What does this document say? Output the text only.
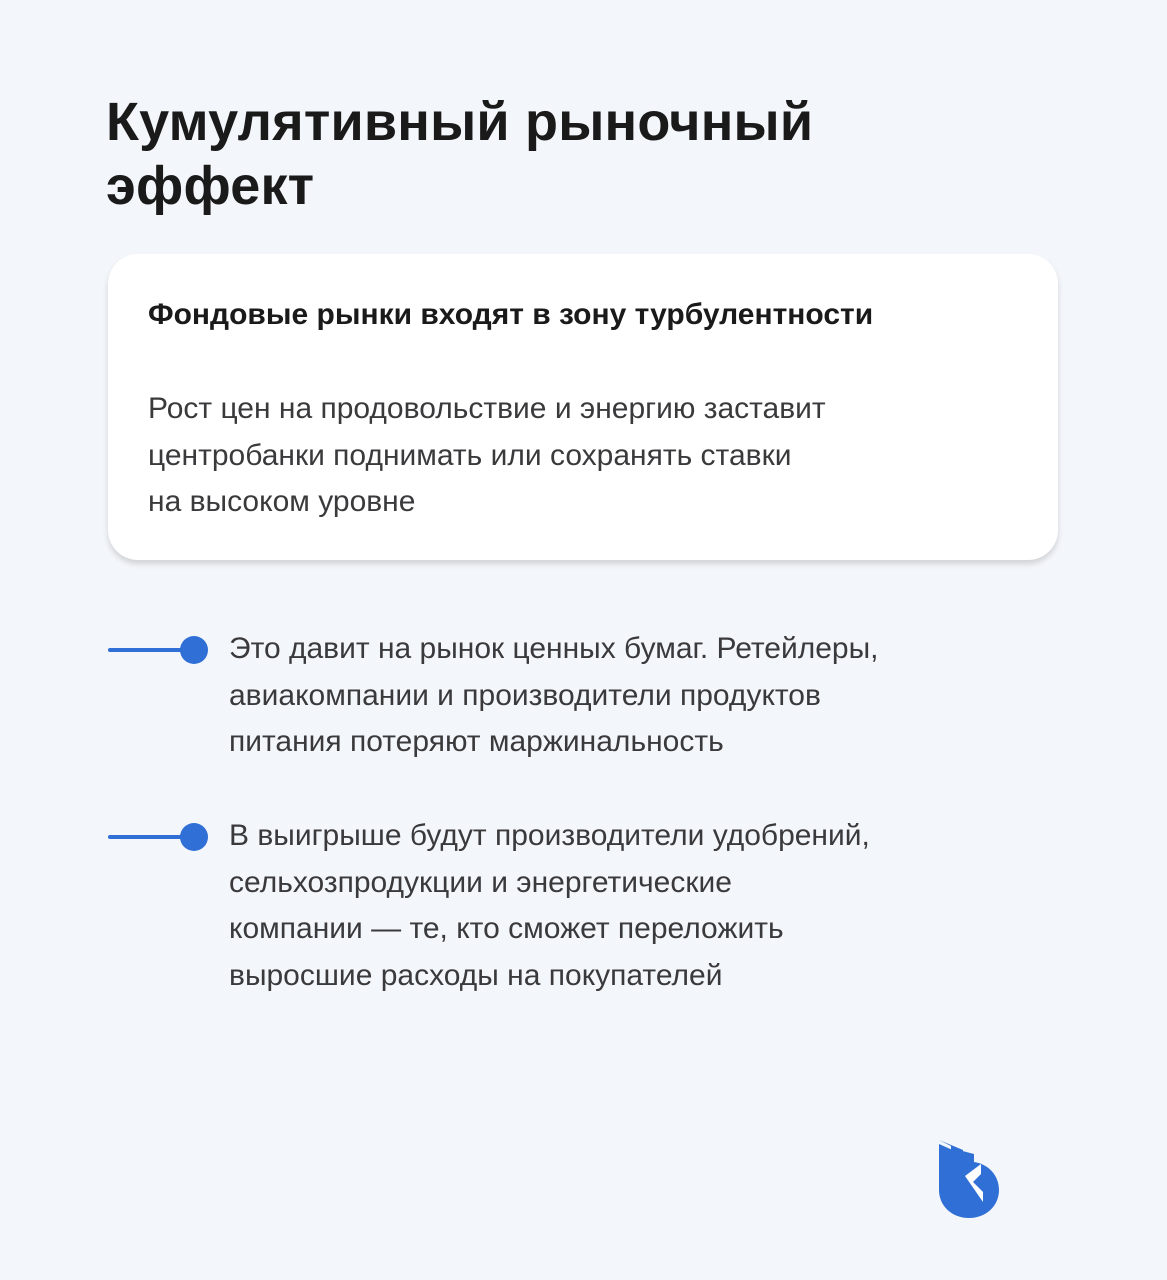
Кумулятивный рыночный
эффект
Фондовые рынки входят в зону турбулентности
Рост цен на продовольствие и энергию заставит
центробанки поднимать или сохранять ставки
на высоком уровне
Это давит на рынок ценных бумаг. Ретейлеры,
авиакомпании и производители продуктов
питания потеряют маржинальность
В выигрыше будут производители удобрений,
сельхозпродукции и энергетические
компании — те, кто сможет переложить
выросшие расходы на покупателей
